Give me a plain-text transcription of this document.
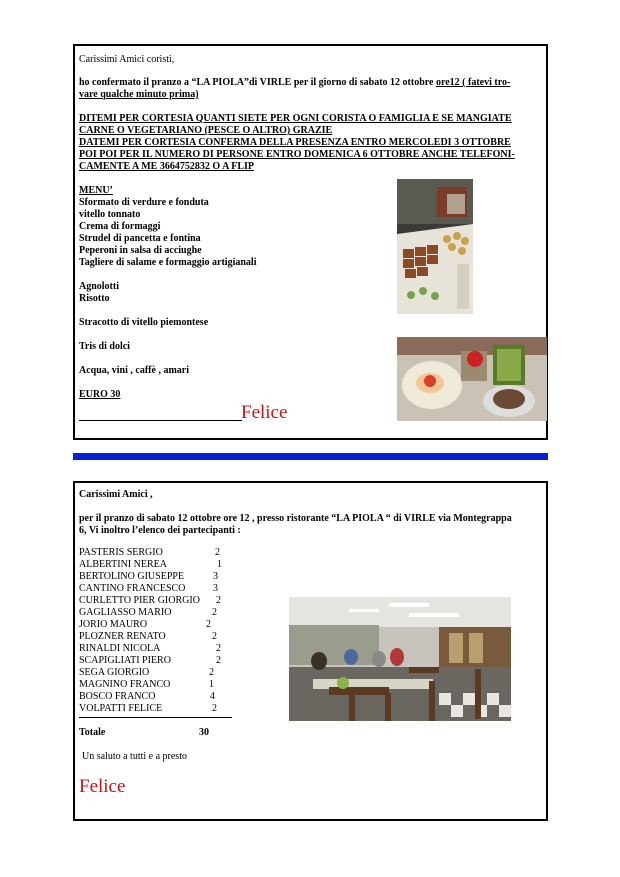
Carissimi Amici coristi,
ho confermato il pranzo a “LA PIOLA”di VIRLE per il giorno di sabato 12 ottobre ore12 ( fatevi tro-
vare qualche minuto prima)
DITEMI PER CORTESIA QUANTI SIETE PER OGNI CORISTA O FAMIGLIA E SE MANGIATE
CARNE O VEGETARIANO (PESCE O ALTRO) GRAZIE
DATEMI PER CORTESIA CONFERMA DELLA PRESENZA ENTRO MERCOLEDI 3 OTTOBRE
POI POI PER IL NUMERO DI PERSONE ENTRO DOMENICA 6 OTTOBRE ANCHE TELEFONI-
CAMENTE A ME 3664752832 O A FLIP
MENU’
Sformato di verdure e fonduta
vitello tonnato
Crema di formaggi
Strudel di pancetta e fontina
Peperoni in salsa di acciughe
Tagliere di salame e formaggio artigianali
Agnolotti
Risotto
Stracotto di vitello piemontese
Tris di dolci
Acqua, vini , caffè , amari
EURO 30
Felice
Carissimi Amici ,
per il pranzo di sabato 12 ottobre ore 12 , presso ristorante “LA PIOLA “ di VIRLE via Montegrappa
6, Vi inoltro l’elenco dei partecipanti :
PASTERIS SERGIO	2
ALBERTINI NEREA	1
BERTOLINO GIUSEPPE	3
CANTINO FRANCESCO	3
CURLETTO PIER GIORGIO 2
GAGLIASSO MARIO	2
JORIO MAURO	2
PLOZNER RENATO	2
RINALDI NICOLA	2
SCAPIGLIATI PIERO	2
SEGA GIORGIO	2
MAGNINO FRANCO	1
BOSCO FRANCO	4
VOLPATTI FELICE	2
Totale	30
Un saluto a tutti e a presto
Felice
